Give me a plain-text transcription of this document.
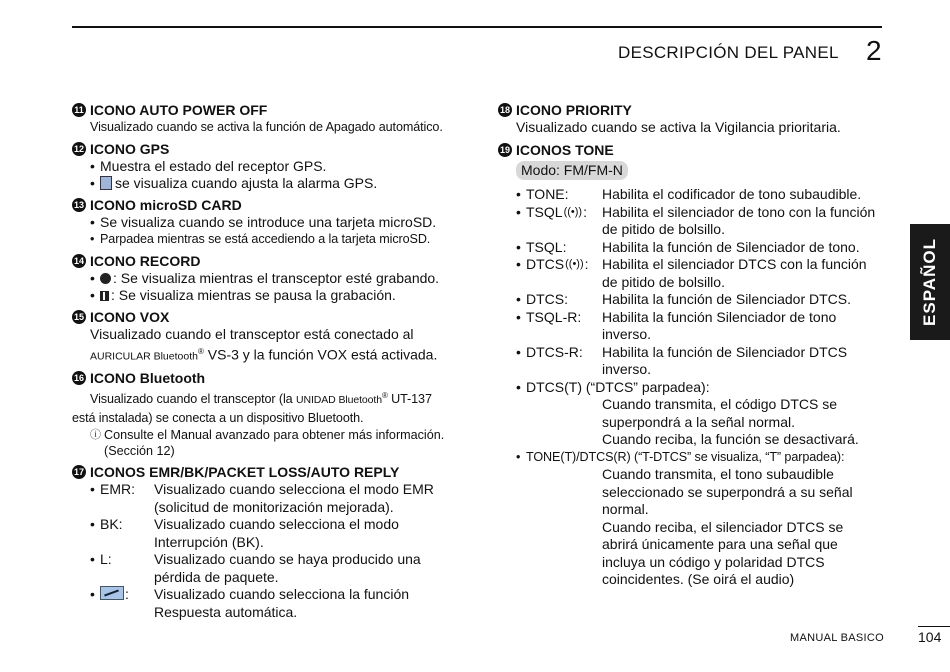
DESCRIPCIÓN DEL PANEL 2
ESPAÑOL
11 ICONO AUTO POWER OFF
Visualizado cuando se activa la función de Apagado automático.
12 ICONO GPS
• Muestra el estado del receptor GPS.
•	se visualiza cuando ajusta la alarma GPS.
13 ICONO microSD CARD
• Se visualiza cuando se introduce una tarjeta microSD.
• Parpadea mientras se está accediendo a la tarjeta microSD.
14 ICONO RECORD
•	: Se visualiza mientras el transceptor esté grabando.
•	: Se visualiza mientras se pausa la grabación.
15 ICONO VOX
Visualizado cuando el transceptor está conectado al
AURICULAR Bluetooth® VS-3 y la función VOX está activada.
16 ICONO Bluetooth
Visualizado cuando el transceptor (la UNIDAD Bluetooth® UT-137
está instalada) se conecta a un dispositivo Bluetooth.
ⓘ Consulte el Manual avanzado para obtener más información.
(Sección 12)
17 ICONOS EMR/BK/PACKET LOSS/AUTO REPLY
• EMR: Visualizado cuando selecciona el modo EMR
(solicitud de monitorización mejorada).
• BK: Visualizado cuando selecciona el modo
Interrupción (BK).
• L:	Visualizado cuando se haya producido una
pérdida de paquete.
•	: Visualizado cuando selecciona la función
Respuesta automática.
18 ICONO PRIORITY
Visualizado cuando se activa la Vigilancia prioritaria.
19 ICONOS TONE
Modo: FM/FM-N
• TONE: Habilita el codificador de tono subaudible.
• TSQL ((•)) : Habilita el silenciador de tono con la función
de pitido de bolsillo.
• TSQL:	Habilita la función de Silenciador de tono.
• DTCS ((•)) : Habilita el silenciador DTCS con la función
de pitido de bolsillo.
• DTCS: Habilita la función de Silenciador DTCS.
• TSQL-R: Habilita la función Silenciador de tono
inverso.
• DTCS-R: Habilita la función de Silenciador DTCS
inverso.
• DTCS(T) (“DTCS” parpadea):
Cuando transmita, el código DTCS se
superpondrá a la señal normal.
Cuando reciba, la función se desactivará.
• TONE(T)/DTCS(R) (“T-DTCS” se visualiza, “T” parpadea):
Cuando transmita, el tono subaudible
seleccionado se superpondrá a su señal
normal.
Cuando reciba, el silenciador DTCS se
abrirá únicamente para una señal que
incluya un código y polaridad DTCS
coincidentes. (Se oirá el audio)
MANUAL BASICO 104
